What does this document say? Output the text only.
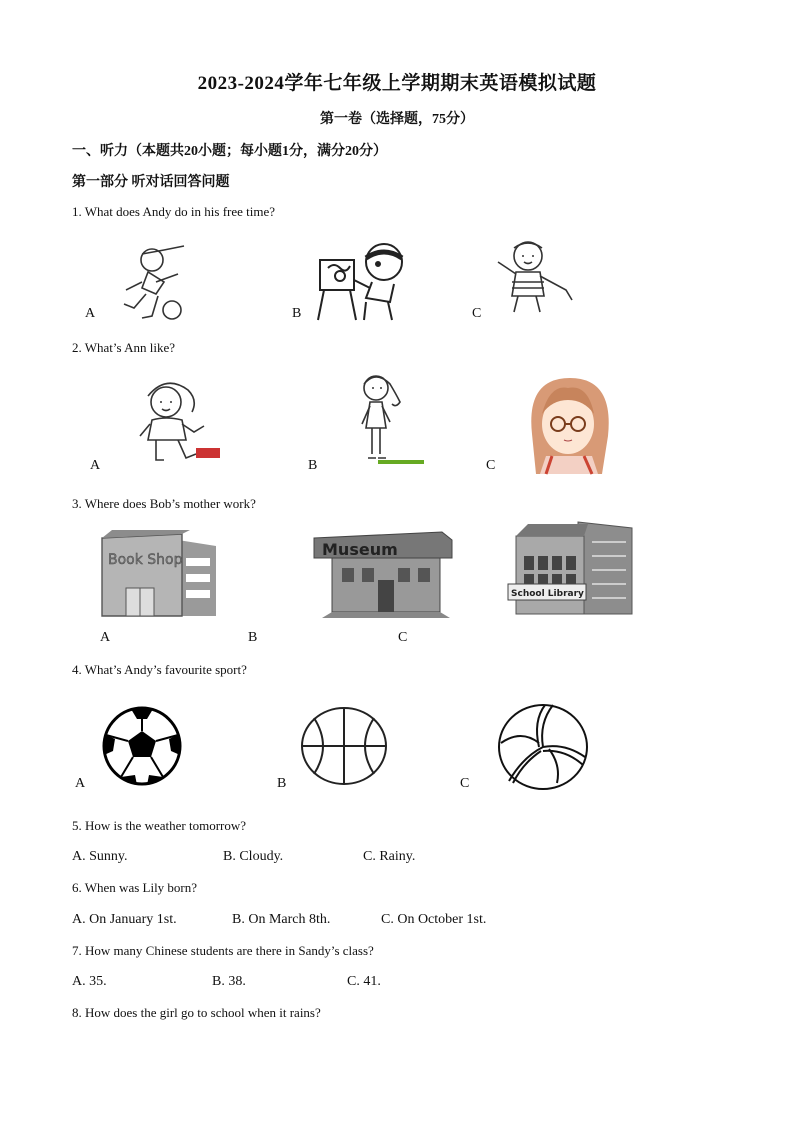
2023-2024学年七年级上学期期末英语模拟试题
第一卷（选择题，75分）
一、听力（本题共20小题；每小题1分，满分20分）
第一部分 听对话回答问题
1. What does Andy do in his free time?
A	B	C
2. What’s Ann like?
A	B	C
3. Where does Bob’s mother work?
Book Shop
A	B
Museum
C
School Library
4. What’s Andy’s favourite sport?
A	B	C
5. How is the weather tomorrow?
A. Sunny.	B. Cloudy.	C. Rainy.
6. When was Lily born?
A. On January 1st.	B. On March 8th.	C. On October 1st.
7. How many Chinese students are there in Sandy’s class?
A. 35.	B. 38.	C. 41.
8. How does the girl go to school when it rains?
